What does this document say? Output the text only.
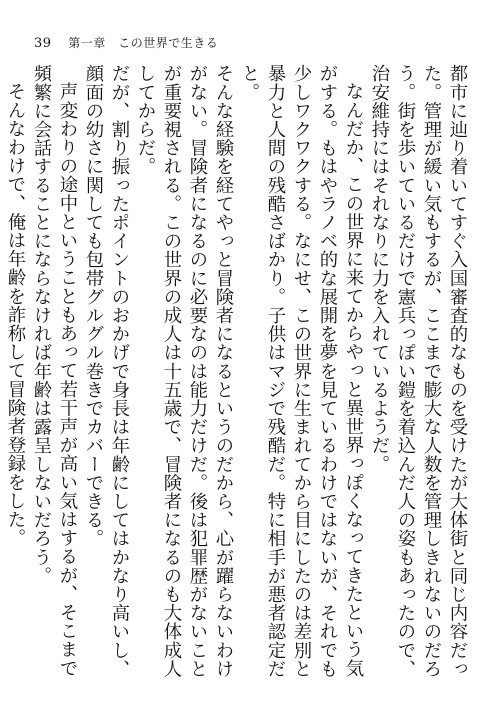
39 第一章　この世界で生きる

都市に辿り着いてすぐ入国審査的なものを受けたが大体街と同じ内容だった。管理が緩い気もするが、ここまで膨大な人数を管理しきれないのだろう。街を歩いているだけで憲兵っぽい鎧を着込んだ人の姿もあったので、治安維持にはそれなりに力を入れているようだ。

なんだか、この世界に来てからやっと異世界っぽくなってきたという気がする。もはやラノベ的な展開を夢を見ているわけではないが、それでも少しワクワクする。なにせ、この世界に生まれてから目にしたのは差別と暴力と人間の残酷さばかり。子供はマジで残酷だ。特に相手が悪者認定だと。

そんな経験を経てやっと冒険者になるというのだから、心が躍らないわけがない。冒険者になるのに必要なのは能力だけだ。後は犯罪歴がないことが重要視される。この世界の成人は十五歳で、冒険者になるのも大体成人してからだ。

だが、割り振ったポイントのおかげで身長は年齢にしてはかなり高いし、顔面の幼さに関しても包帯グルグル巻きでカバーできる。

声変わりの途中ということもあって若干声が高い気はするが、そこまで頻繁に会話することにならなければ年齢は露呈しないだろう。

そんなわけで、俺は年齢を詐称して冒険者登録をした。
